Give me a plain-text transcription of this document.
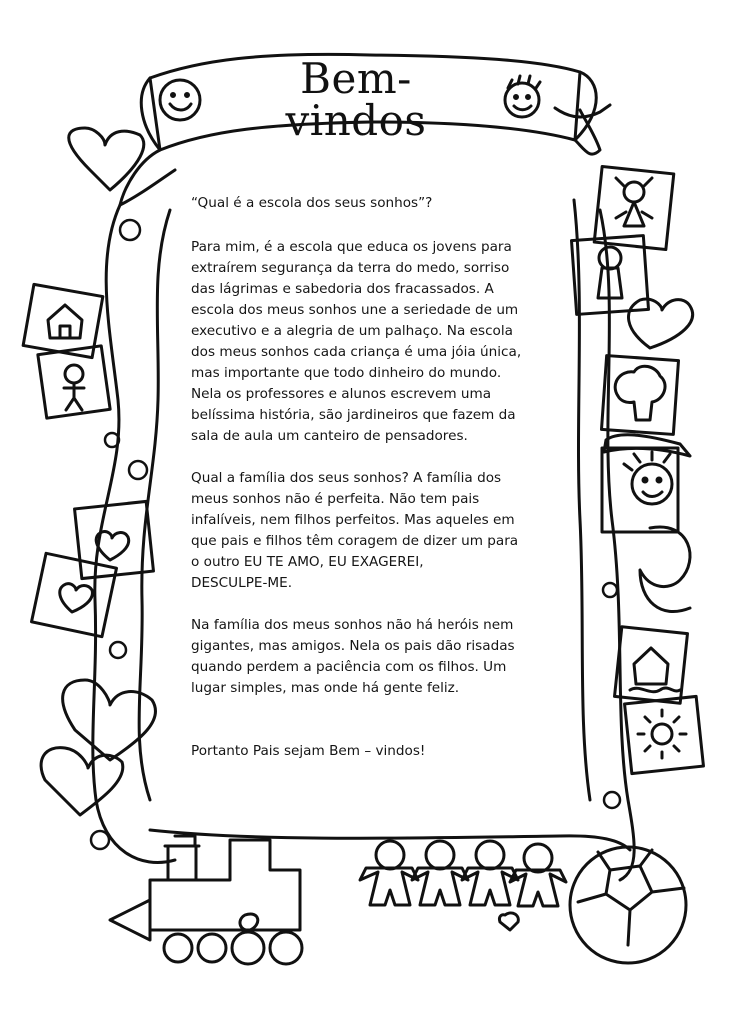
Bem-vindos

“Qual é a escola dos seus sonhos”?

Para mim, é a escola que educa os jovens para
extraírem segurança da terra do medo, sorriso
das lágrimas e sabedoria dos fracassados. A
escola dos meus sonhos une a seriedade de um
executivo e a alegria de um palhaço. Na escola
dos meus sonhos cada criança é uma jóia única,
mas importante que todo dinheiro do mundo.
Nela os professores e alunos escrevem uma
belíssima história, são jardineiros que fazem da
sala de aula um canteiro de pensadores.

Qual a família dos seus sonhos? A família dos
meus sonhos não é perfeita. Não tem pais
infalíveis, nem filhos perfeitos. Mas aqueles em
que pais e filhos têm coragem de dizer um para
o outro EU TE AMO, EU EXAGEREI,
DESCULPE-ME.

Na família dos meus sonhos não há heróis nem
gigantes, mas amigos. Nela os pais dão risadas
quando perdem a paciência com os filhos. Um
lugar simples, mas onde há gente feliz.

Portanto Pais sejam Bem – vindos!
